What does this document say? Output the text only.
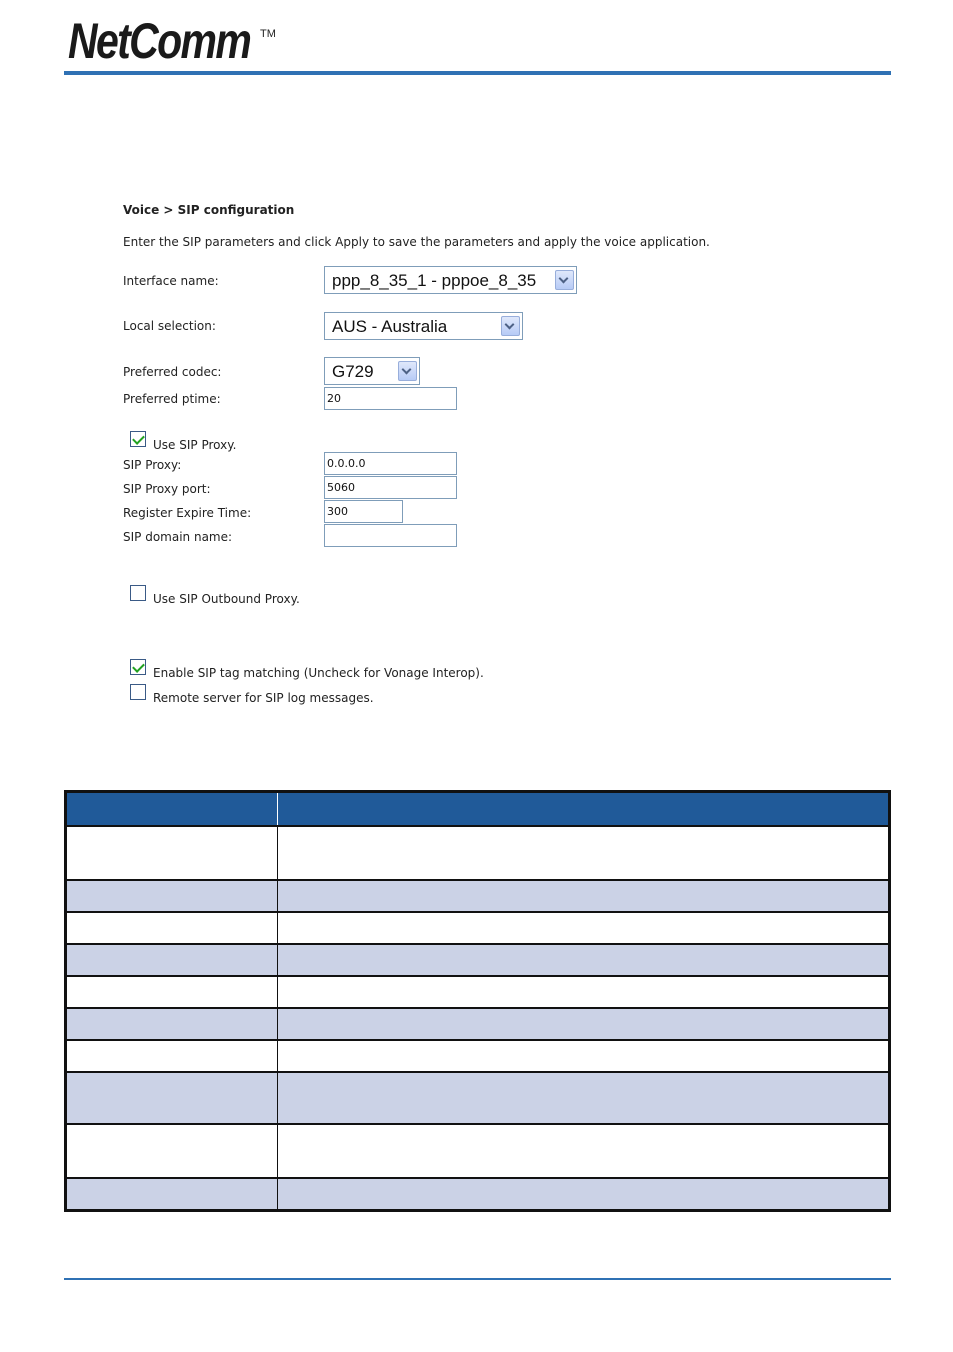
NetComm TM
Voice > SIP configuration
Enter the SIP parameters and click Apply to save the parameters and apply the voice application.
Interface name:	ppp_8_35_1 - pppoe_8_35
Local selection:	AUS - Australia
Preferred codec:	G729
Preferred ptime:	20
Use SIP Proxy.
SIP Proxy:	0.0.0.0
SIP Proxy port:	5060
Register Expire Time:	300
SIP domain name:
Use SIP Outbound Proxy.
Enable SIP tag matching (Uncheck for Vonage Interop).
Remote server for SIP log messages.
